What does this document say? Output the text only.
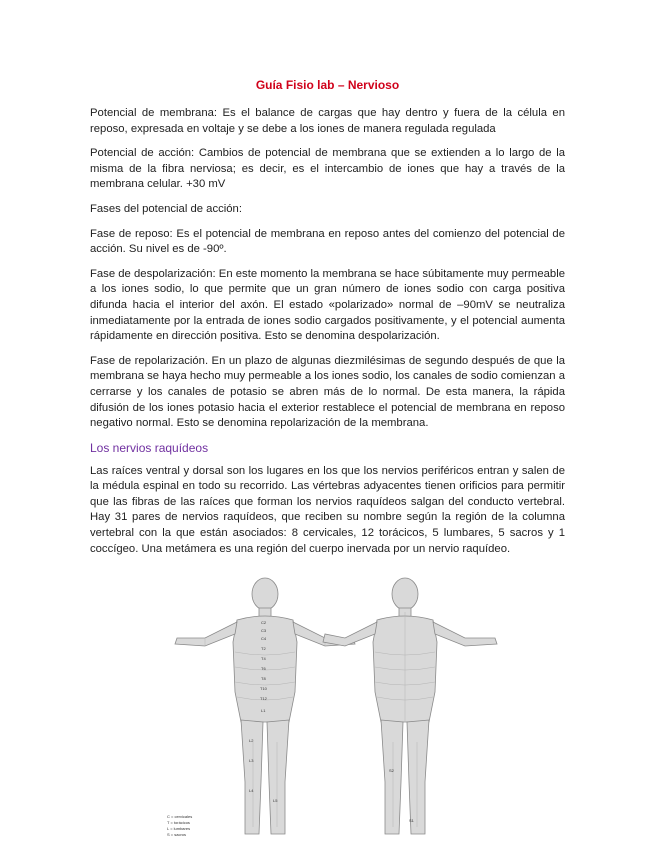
Guía Fisio lab – Nervioso

Potencial de membrana: Es el balance de cargas que hay dentro y fuera de la célula en reposo, expresada en voltaje y se debe a los iones de manera regulada regulada

Potencial de acción: Cambios de potencial de membrana que se extienden a lo largo de la misma de la fibra nerviosa; es decir, es el intercambio de iones que hay a través de la membrana celular. +30 mV

Fases del potencial de acción:

Fase de reposo: Es el potencial de membrana en reposo antes del comienzo del potencial de acción. Su nivel es de -90º.

Fase de despolarización: En este momento la membrana se hace súbitamente muy permeable a los iones sodio, lo que permite que un gran número de iones sodio con carga positiva difunda hacia el interior del axón. El estado «polarizado» normal de –90mV se neutraliza inmediatamente por la entrada de iones sodio cargados positivamente, y el potencial aumenta rápidamente en dirección positiva. Esto se denomina despolarización.

Fase de repolarización. En un plazo de algunas diezmilésimas de segundo después de que la membrana se haya hecho muy permeable a los iones sodio, los canales de sodio comienzan a cerrarse y los canales de potasio se abren más de lo normal. De esta manera, la rápida difusión de los iones potasio hacia el exterior restablece el potencial de membrana en reposo negativo normal. Esto se denomina repolarización de la membrana.

Los nervios raquídeos

Las raíces ventral y dorsal son los lugares en los que los nervios periféricos entran y salen de la médula espinal en todo su recorrido. Las vértebras adyacentes tienen orificios para permitir que las fibras de las raíces que forman los nervios raquídeos salgan del conducto vertebral. Hay 31 pares de nervios raquídeos, que reciben su nombre según la región de la columna vertebral con la que están asociados: 8 cervicales, 12 torácicos, 5 lumbares, 5 sacros y 1 coccígeo. Una metámera es una región del cuerpo inervada por un nervio raquídeo.

C2
C3
C4
T2
T4
T6
T8
T10
T12
L1
L2
L3
L4
L5
S1
S2
C = cervicales
T = torácicos
L = lumbares
S = sacros
